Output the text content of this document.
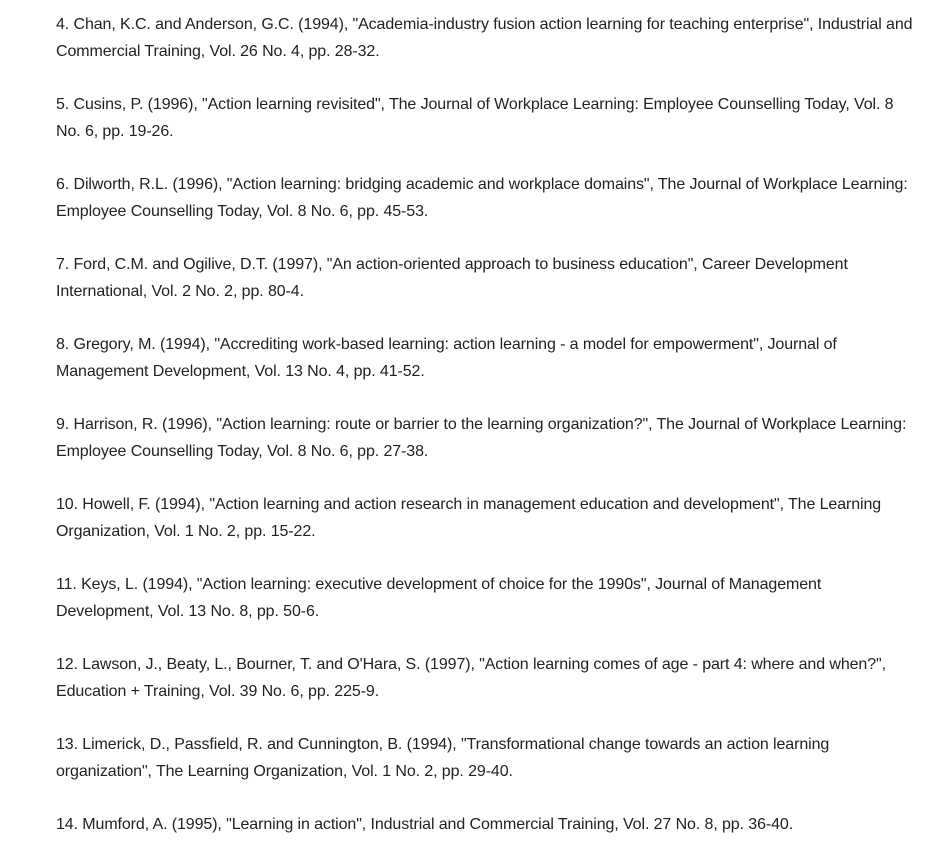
4. Chan, K.C. and Anderson, G.C. (1994), "Academia-industry fusion action learning for teaching enterprise", Industrial and Commercial Training, Vol. 26 No. 4, pp. 28-32.
5. Cusins, P. (1996), "Action learning revisited", The Journal of Workplace Learning: Employee Counselling Today, Vol. 8 No. 6, pp. 19-26.
6. Dilworth, R.L. (1996), "Action learning: bridging academic and workplace domains", The Journal of Workplace Learning: Employee Counselling Today, Vol. 8 No. 6, pp. 45-53.
7. Ford, C.M. and Ogilive, D.T. (1997), "An action-oriented approach to business education", Career Development International, Vol. 2 No. 2, pp. 80-4.
8. Gregory, M. (1994), "Accrediting work-based learning: action learning - a model for empowerment", Journal of Management Development, Vol. 13 No. 4, pp. 41-52.
9. Harrison, R. (1996), "Action learning: route or barrier to the learning organization?", The Journal of Workplace Learning: Employee Counselling Today, Vol. 8 No. 6, pp. 27-38.
10. Howell, F. (1994), "Action learning and action research in management education and development", The Learning Organization, Vol. 1 No. 2, pp. 15-22.
11. Keys, L. (1994), "Action learning: executive development of choice for the 1990s", Journal of Management Development, Vol. 13 No. 8, pp. 50-6.
12. Lawson, J., Beaty, L., Bourner, T. and O'Hara, S. (1997), "Action learning comes of age - part 4: where and when?", Education + Training, Vol. 39 No. 6, pp. 225-9.
13. Limerick, D., Passfield, R. and Cunnington, B. (1994), "Transformational change towards an action learning organization", The Learning Organization, Vol. 1 No. 2, pp. 29-40.
14. Mumford, A. (1995), "Learning in action", Industrial and Commercial Training, Vol. 27 No. 8, pp. 36-40.
